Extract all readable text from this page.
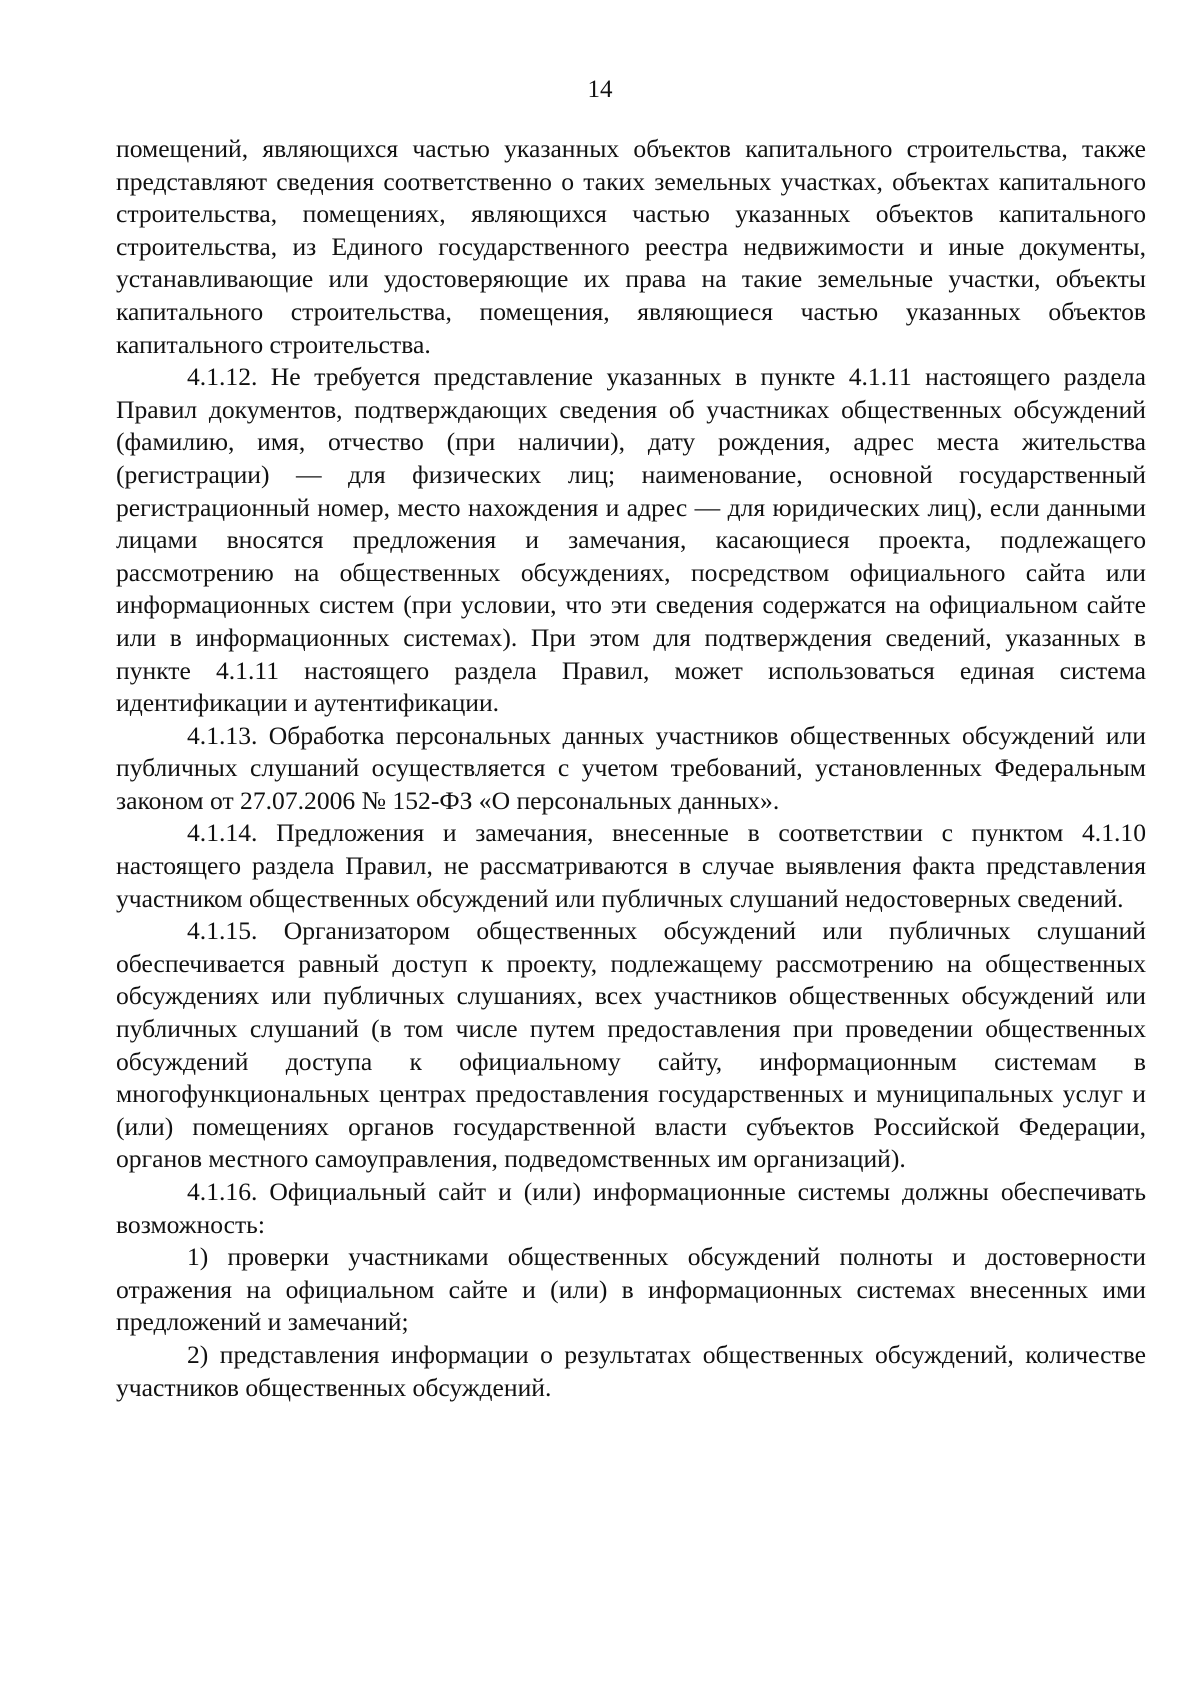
14

помещений, являющихся частью указанных объектов капитального строительства, также представляют сведения соответственно о таких земельных участках, объектах капитального строительства, помещениях, являющихся частью указанных объектов капитального строительства, из Единого государственного реестра недвижимости и иные документы, устанавливающие или удостоверяющие их права на такие земельные участки, объекты капитального строительства, помещения, являющиеся частью указанных объектов капитального строительства.

4.1.12. Не требуется представление указанных в пункте 4.1.11 настоящего раздела Правил документов, подтверждающих сведения об участниках общественных обсуждений (фамилию, имя, отчество (при наличии), дату рождения, адрес места жительства (регистрации) — для физических лиц; наименование, основной государственный регистрационный номер, место нахождения и адрес — для юридических лиц), если данными лицами вносятся предложения и замечания, касающиеся проекта, подлежащего рассмотрению на общественных обсуждениях, посредством официального сайта или информационных систем (при условии, что эти сведения содержатся на официальном сайте или в информационных системах). При этом для подтверждения сведений, указанных в пункте 4.1.11 настоящего раздела Правил, может использоваться единая система идентификации и аутентификации.

4.1.13. Обработка персональных данных участников общественных обсуждений или публичных слушаний осуществляется с учетом требований, установленных Федеральным законом от 27.07.2006 № 152-ФЗ «О персональных данных».

4.1.14. Предложения и замечания, внесенные в соответствии с пунктом 4.1.10 настоящего раздела Правил, не рассматриваются в случае выявления факта представления участником общественных обсуждений или публичных слушаний недостоверных сведений.

4.1.15. Организатором общественных обсуждений или публичных слушаний обеспечивается равный доступ к проекту, подлежащему рассмотрению на общественных обсуждениях или публичных слушаниях, всех участников общественных обсуждений или публичных слушаний (в том числе путем предоставления при проведении общественных обсуждений доступа к официальному сайту, информационным системам в многофункциональных центрах предоставления государственных и муниципальных услуг и (или) помещениях органов государственной власти субъектов Российской Федерации, органов местного самоуправления, подведомственных им организаций).

4.1.16. Официальный сайт и (или) информационные системы должны обеспечивать возможность:

1) проверки участниками общественных обсуждений полноты и достоверности отражения на официальном сайте и (или) в информационных системах внесенных ими предложений и замечаний;

2) представления информации о результатах общественных обсуждений, количестве участников общественных обсуждений.
